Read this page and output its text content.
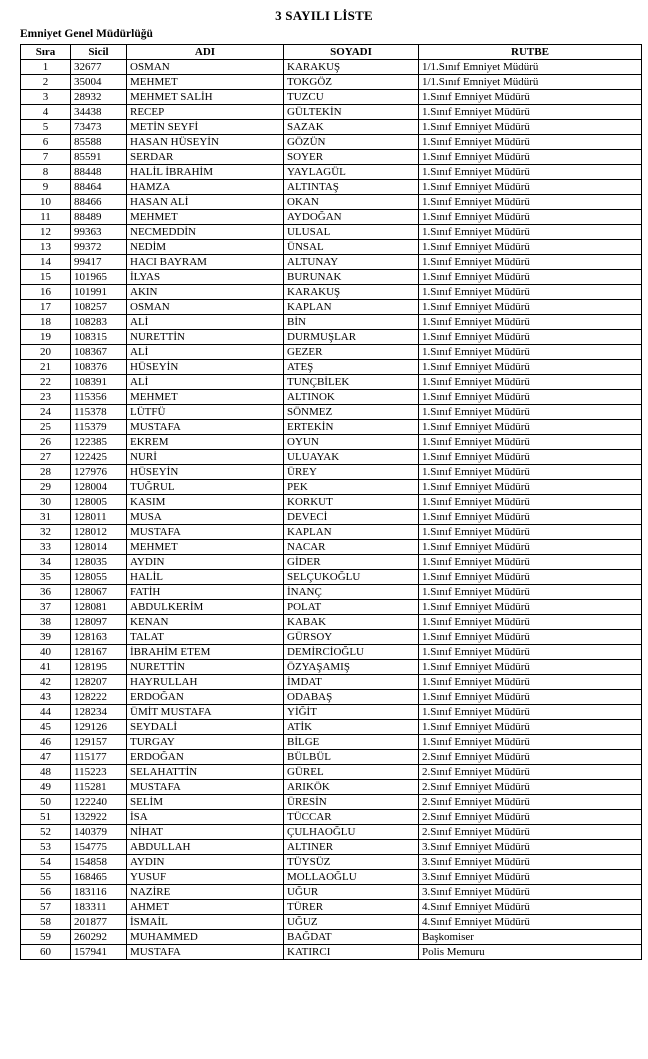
3 SAYILI LİSTE
Emniyet Genel Müdürlüğü
Sıra	Sicil	ADI	SOYADI	RUTBE
1	32677	OSMAN	KARAKUŞ	1/1.Sınıf Emniyet Müdürü
2	35004	MEHMET	TOKGÖZ	1/1.Sınıf Emniyet Müdürü
3	28932	MEHMET SALİH	TUZCU	1.Sınıf Emniyet Müdürü
4	34438	RECEP	GÜLTEKİN	1.Sınıf Emniyet Müdürü
5	73473	METİN SEYFİ	SAZAK	1.Sınıf Emniyet Müdürü
6	85588	HASAN HÜSEYİN	GÖZÜN	1.Sınıf Emniyet Müdürü
7	85591	SERDAR	SOYER	1.Sınıf Emniyet Müdürü
8	88448	HALİL İBRAHİM	YAYLAGÜL	1.Sınıf Emniyet Müdürü
9	88464	HAMZA	ALTINTAŞ	1.Sınıf Emniyet Müdürü
10	88466	HASAN ALİ	OKAN	1.Sınıf Emniyet Müdürü
11	88489	MEHMET	AYDOĞAN	1.Sınıf Emniyet Müdürü
12	99363	NECMEDDİN	ULUSAL	1.Sınıf Emniyet Müdürü
13	99372	NEDİM	ÜNSAL	1.Sınıf Emniyet Müdürü
14	99417	HACI BAYRAM	ALTUNAY	1.Sınıf Emniyet Müdürü
15	101965	İLYAS	BURUNAK	1.Sınıf Emniyet Müdürü
16	101991	AKIN	KARAKUŞ	1.Sınıf Emniyet Müdürü
17	108257	OSMAN	KAPLAN	1.Sınıf Emniyet Müdürü
18	108283	ALİ	BİN	1.Sınıf Emniyet Müdürü
19	108315	NURETTİN	DURMUŞLAR	1.Sınıf Emniyet Müdürü
20	108367	ALİ	GEZER	1.Sınıf Emniyet Müdürü
21	108376	HÜSEYİN	ATEŞ	1.Sınıf Emniyet Müdürü
22	108391	ALİ	TUNÇBİLEK	1.Sınıf Emniyet Müdürü
23	115356	MEHMET	ALTINOK	1.Sınıf Emniyet Müdürü
24	115378	LÜTFÜ	SÖNMEZ	1.Sınıf Emniyet Müdürü
25	115379	MUSTAFA	ERTEKİN	1.Sınıf Emniyet Müdürü
26	122385	EKREM	OYUN	1.Sınıf Emniyet Müdürü
27	122425	NURİ	ULUAYAK	1.Sınıf Emniyet Müdürü
28	127976	HÜSEYİN	ÜREY	1.Sınıf Emniyet Müdürü
29	128004	TUĞRUL	PEK	1.Sınıf Emniyet Müdürü
30	128005	KASIM	KORKUT	1.Sınıf Emniyet Müdürü
31	128011	MUSA	DEVECİ	1.Sınıf Emniyet Müdürü
32	128012	MUSTAFA	KAPLAN	1.Sınıf Emniyet Müdürü
33	128014	MEHMET	NACAR	1.Sınıf Emniyet Müdürü
34	128035	AYDIN	GİDER	1.Sınıf Emniyet Müdürü
35	128055	HALİL	SELÇUKOĞLU	1.Sınıf Emniyet Müdürü
36	128067	FATİH	İNANÇ	1.Sınıf Emniyet Müdürü
37	128081	ABDULKERİM	POLAT	1.Sınıf Emniyet Müdürü
38	128097	KENAN	KABAK	1.Sınıf Emniyet Müdürü
39	128163	TALAT	GÜRSOY	1.Sınıf Emniyet Müdürü
40	128167	İBRAHİM ETEM	DEMİRCİOĞLU	1.Sınıf Emniyet Müdürü
41	128195	NURETTİN	ÖZYAŞAMIŞ	1.Sınıf Emniyet Müdürü
42	128207	HAYRULLAH	İMDAT	1.Sınıf Emniyet Müdürü
43	128222	ERDOĞAN	ODABAŞ	1.Sınıf Emniyet Müdürü
44	128234	ÜMİT MUSTAFA	YİĞİT	1.Sınıf Emniyet Müdürü
45	129126	SEYDALİ	ATİK	1.Sınıf Emniyet Müdürü
46	129157	TURGAY	BİLGE	1.Sınıf Emniyet Müdürü
47	115177	ERDOĞAN	BÜLBÜL	2.Sınıf Emniyet Müdürü
48	115223	SELAHATTİN	GÜREL	2.Sınıf Emniyet Müdürü
49	115281	MUSTAFA	ARIKÖK	2.Sınıf Emniyet Müdürü
50	122240	SELİM	ÜRESİN	2.Sınıf Emniyet Müdürü
51	132922	İSA	TÜCCAR	2.Sınıf Emniyet Müdürü
52	140379	NİHAT	ÇULHAOĞLU	2.Sınıf Emniyet Müdürü
53	154775	ABDULLAH	ALTINER	3.Sınıf Emniyet Müdürü
54	154858	AYDIN	TÜYSÜZ	3.Sınıf Emniyet Müdürü
55	168465	YUSUF	MOLLAOĞLU	3.Sınıf Emniyet Müdürü
56	183116	NAZİRE	UĞUR	3.Sınıf Emniyet Müdürü
57	183311	AHMET	TÜRER	4.Sınıf Emniyet Müdürü
58	201877	İSMAİL	UĞUZ	4.Sınıf Emniyet Müdürü
59	260292	MUHAMMED	BAĞDAT	Başkomiser
60	157941	MUSTAFA	KATIRCI	Polis Memuru
